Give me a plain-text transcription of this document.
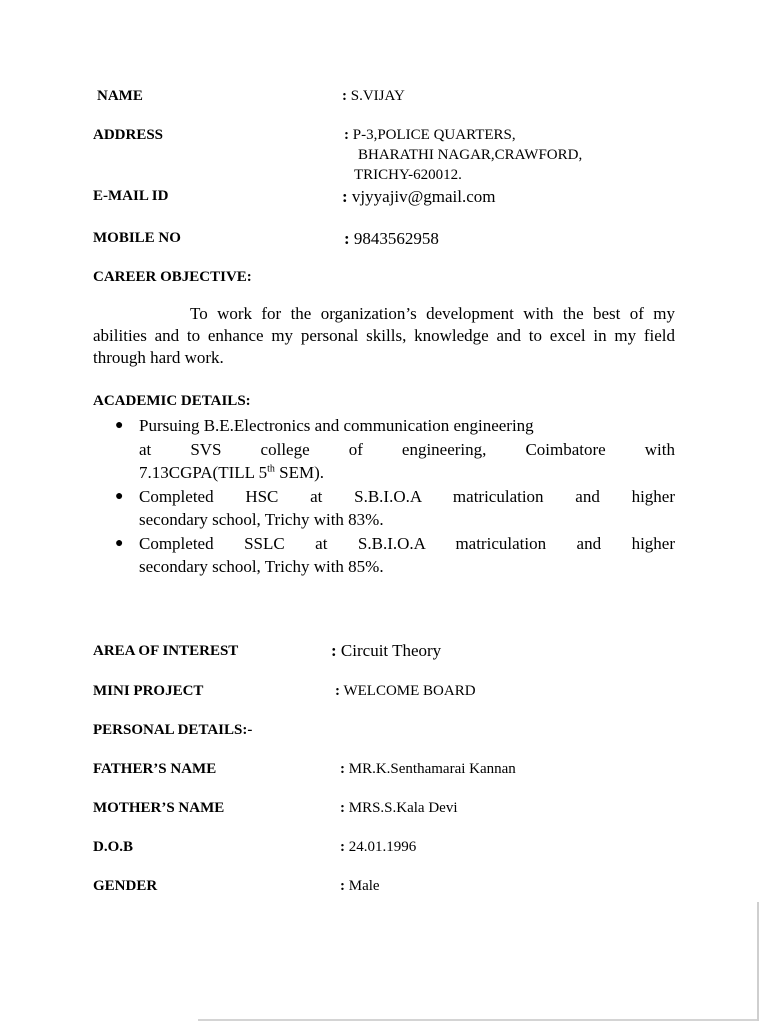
NAME	: S.VIJAY
ADDRESS	: P-3,POLICE QUARTERS,
BHARATHI NAGAR,CRAWFORD,
TRICHY-620012.
E-MAIL ID	: vjyyajiv@gmail.com
MOBILE NO	: 9843562958
CAREER OBJECTIVE:
To work for the organization’s development with the best of my abilities and to enhance my personal skills, knowledge and to excel in my field through hard work.
ACADEMIC DETAILS:
● Pursuing B.E.Electronics and communication engineering
at SVS college of engineering, Coimbatore with
7.13CGPA(TILL 5th SEM).
● Completed HSC at S.B.I.O.A matriculation and higher
secondary school, Trichy with 83%.
● Completed SSLC at S.B.I.O.A matriculation and higher
secondary school, Trichy with 85%.
AREA OF INTEREST	: Circuit Theory
MINI PROJECT	: WELCOME BOARD
PERSONAL DETAILS:-
FATHER’S NAME	: MR.K.Senthamarai Kannan
MOTHER’S NAME	: MRS.S.Kala Devi
D.O.B	: 24.01.1996
GENDER	: Male
